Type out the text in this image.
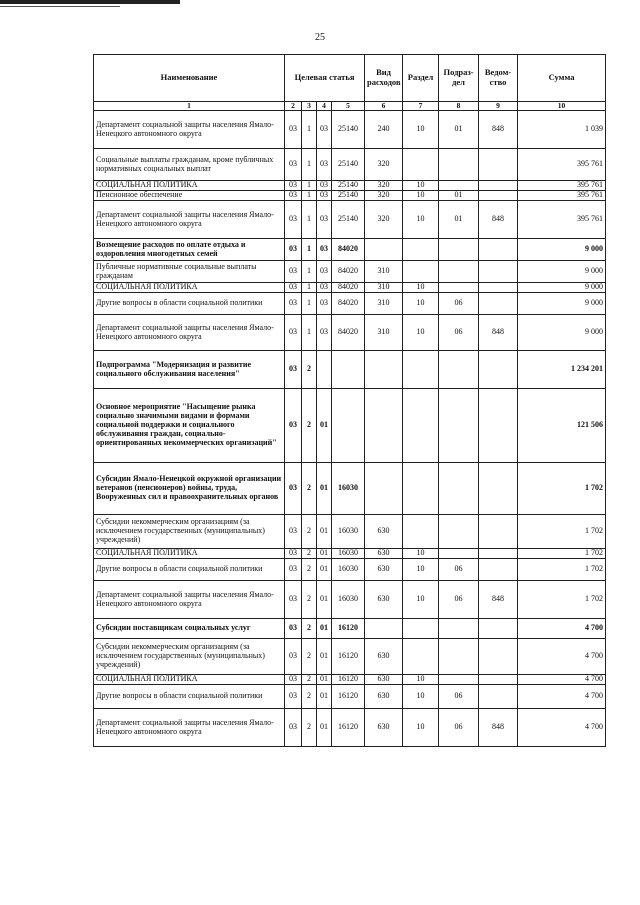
25
Наименование	Целевая статья				Вид расходов	Раздел	Подраз-дел	Ведом-ство	Сумма
1	2	3	4	5	6	7	8	9	10
Департамент социальной защиты населения Ямало-Ненецкого автономного округа	03	1	03	25140	240	10	01	848	1 039
Социальные выплаты гражданам, кроме публичных нормативных социальных выплат	03	1	03	25140	320				395 761
СОЦИАЛЬНАЯ ПОЛИТИКА	03	1	03	25140	320	10			395 761
Пенсионное обеспечение	03	1	03	25140	320	10	01		395 761
Департамент социальной защиты населения Ямало-Ненецкого автономного округа	03	1	03	25140	320	10	01	848	395 761
Возмещение расходов по оплате отдыха и оздоровления многодетных семей	03	1	03	84020					9 000
Публичные нормативные социальные выплаты гражданам	03	1	03	84020	310				9 000
СОЦИАЛЬНАЯ ПОЛИТИКА	03	1	03	84020	310	10			9 000
Другие вопросы в области социальной политики	03	1	03	84020	310	10	06		9 000
Департамент социальной защиты населения Ямало-Ненецкого автономного округа	03	1	03	84020	310	10	06	848	9 000
Подпрограмма "Модернизация и развитие социального обслуживания населения"	03	2							1 234 201
Основное мероприятие "Насыщение рынка социально значимыми видами и формами социальной поддержки и социального обслуживания граждан, социально-ориентированных некоммерческих организаций"	03	2	01						121 506
Субсидии Ямало-Ненецкой окружной организации ветеранов (пенсионеров) войны, труда, Вооруженных сил и правоохранительных органов	03	2	01	16030					1 702
Субсидии некоммерческим организациям (за исключением государственных (муниципальных) учреждений)	03	2	01	16030	630				1 702
СОЦИАЛЬНАЯ ПОЛИТИКА	03	2	01	16030	630	10			1 702
Другие вопросы в области социальной политики	03	2	01	16030	630	10	06		1 702
Департамент социальной защиты населения Ямало-Ненецкого автономного округа	03	2	01	16030	630	10	06	848	1 702
Субсидии поставщикам социальных услуг	03	2	01	16120					4 700
Субсидии некоммерческим организациям (за исключением государственных (муниципальных) учреждений)	03	2	01	16120	630				4 700
СОЦИАЛЬНАЯ ПОЛИТИКА	03	2	01	16120	630	10			4 700
Другие вопросы в области социальной политики	03	2	01	16120	630	10	06		4 700
Департамент социальной защиты населения Ямало-Ненецкого автономного округа	03	2	01	16120	630	10	06	848	4 700
